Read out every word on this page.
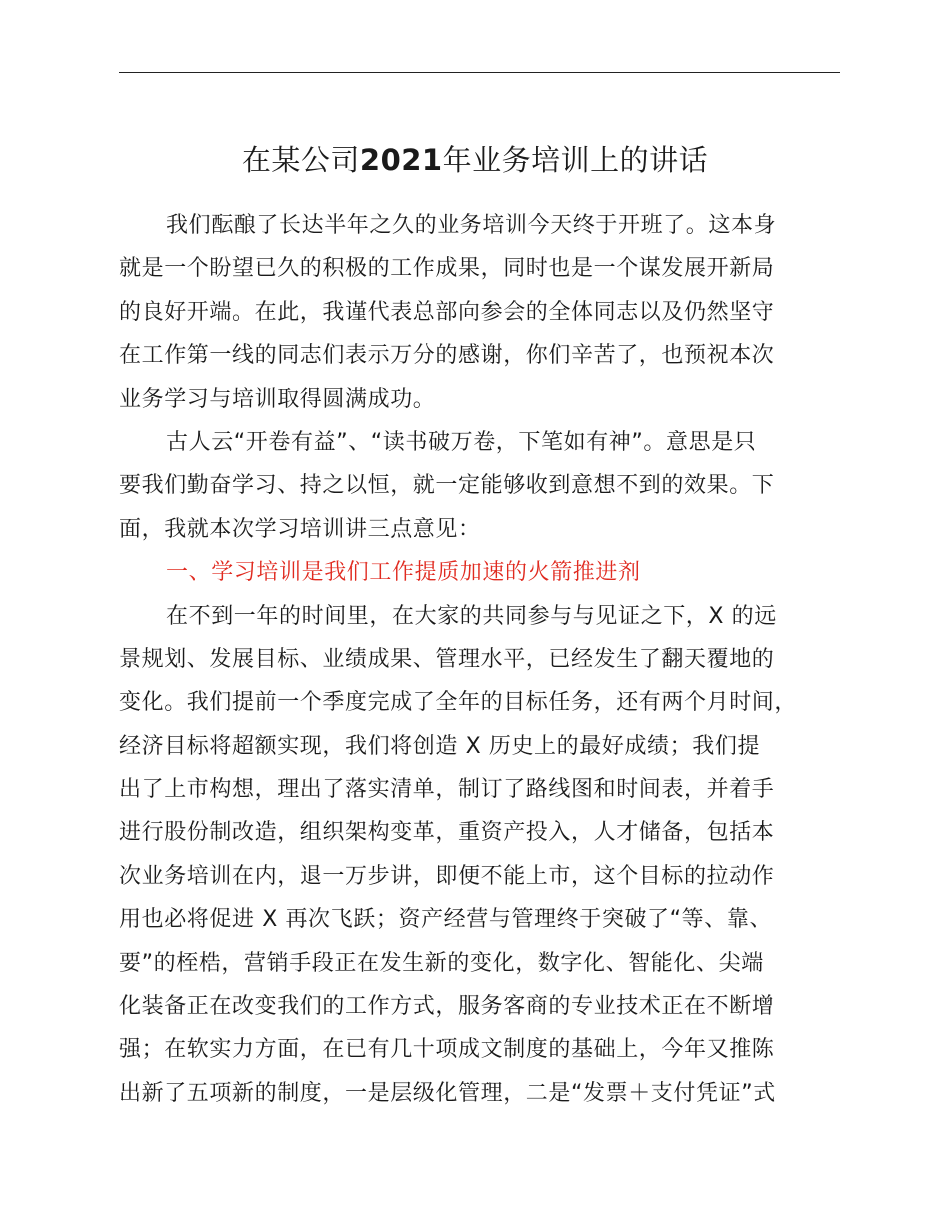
在某公司2021年业务培训上的讲话
我们酝酿了长达半年之久的业务培训今天终于开班了。这本身
就是一个盼望已久的积极的工作成果，同时也是一个谋发展开新局
的良好开端。在此，我谨代表总部向参会的全体同志以及仍然坚守
在工作第一线的同志们表示万分的感谢，你们辛苦了，也预祝本次
业务学习与培训取得圆满成功。
古人云“开卷有益”、“读书破万卷，下笔如有神”。意思是只
要我们勤奋学习、持之以恒，就一定能够收到意想不到的效果。下
面，我就本次学习培训讲三点意见：
一、学习培训是我们工作提质加速的火箭推进剂
在不到一年的时间里，在大家的共同参与与见证之下，X 的远
景规划、发展目标、业绩成果、管理水平，已经发生了翻天覆地的
变化。我们提前一个季度完成了全年的目标任务，还有两个月时间，
经济目标将超额实现，我们将创造 X 历史上的最好成绩；我们提
出了上市构想，理出了落实清单，制订了路线图和时间表，并着手
进行股份制改造，组织架构变革，重资产投入，人才储备，包括本
次业务培训在内，退一万步讲，即便不能上市，这个目标的拉动作
用也必将促进 X 再次飞跃；资产经营与管理终于突破了“等、靠、
要”的桎梏，营销手段正在发生新的变化，数字化、智能化、尖端
化装备正在改变我们的工作方式，服务客商的专业技术正在不断增
强；在软实力方面，在已有几十项成文制度的基础上，今年又推陈
出新了五项新的制度，一是层级化管理，二是“发票＋支付凭证”式
